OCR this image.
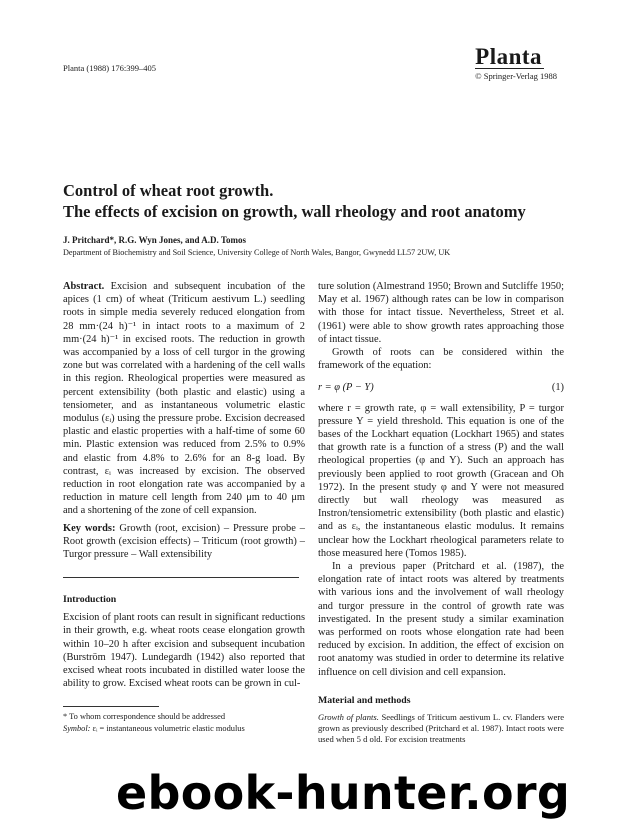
Planta (1988) 176:399–405	Planta
© Springer-Verlag 1988
Control of wheat root growth.
The effects of excision on growth, wall rheology and root anatomy
J. Pritchard*, R.G. Wyn Jones, and A.D. Tomos
Department of Biochemistry and Soil Science, University College of North Wales, Bangor, Gwynedd LL57 2UW, UK

Abstract. Excision and subsequent incubation of the apices (1 cm) of wheat (Triticum aestivum L.) seedling roots in simple media severely reduced elongation from 28 mm·(24 h)⁻¹ in intact roots to a maximum of 2 mm·(24 h)⁻¹ in excised roots. The reduction in growth was accompanied by a loss of cell turgor in the growing zone but was correlated with a hardening of the cell walls in this region. Rheological properties were measured as percent extensibility (both plastic and elastic) using a tensiometer, and as instantaneous volumetric elastic modulus (εᵢ) using the pressure probe. Excision decreased plastic and elastic properties with a half-time of some 60 min. Plastic extension was reduced from 2.5% to 0.9% and elastic from 4.8% to 2.6% for an 8-g load. By contrast, εᵢ was increased by excision. The observed reduction in root elongation rate was accompanied by a reduction in mature cell length from 240 μm to 40 μm and a shortening of the zone of cell expansion.

Key words: Growth (root, excision) – Pressure probe – Root growth (excision effects) – Triticum (root growth) – Turgor pressure – Wall extensibility

Introduction

Excision of plant roots can result in significant reductions in their growth, e.g. wheat roots cease elongation growth within 10–20 h after excision and subsequent incubation (Burström 1947). Lundegardh (1942) also reported that excised wheat roots incubated in distilled water loose the ability to grow. Excised wheat roots can be grown in cul-

* To whom correspondence should be addressed
Symbol: εᵢ = instantaneous volumetric elastic modulus

ture solution (Almestrand 1950; Brown and Sutcliffe 1950; May et al. 1967) although rates can be low in comparison with those for intact tissue. Nevertheless, Street et al. (1961) were able to show growth rates approaching those of intact tissue.

Growth of roots can be considered within the framework of the equation:

r = φ (P − Y)	(1)

where r = growth rate, φ = wall extensibility, P = turgor pressure Y = yield threshold. This equation is one of the bases of the Lockhart equation (Lockhart 1965) and states that growth rate is a function of a stress (P) and the wall rheological properties (φ and Y). Such an approach has previously been applied to root growth (Gracean and Oh 1972). In the present study φ and Y were not measured directly but wall rheology was measured as Instron/tensiometric extensibility (both plastic and elastic) and as εᵢ, the instantaneous elastic modulus. It remains unclear how the Lockhart rheological parameters relate to those measured here (Tomos 1985).

In a previous paper (Pritchard et al. (1987), the elongation rate of intact roots was altered by treatments with various ions and the involvement of wall rheology and turgor pressure in the control of growth rate was investigated. In the present study a similar examination was performed on roots whose elongation rate had been reduced by excision. In addition, the effect of excision on root anatomy was studied in order to determine its relative influence on cell division and cell expansion.

Material and methods

Growth of plants. Seedlings of Triticum aestivum L. cv. Flanders were grown as previously described (Pritchard et al. 1987). Intact roots were used when 5 d old. For excision treatments

ebook-hunter.org
